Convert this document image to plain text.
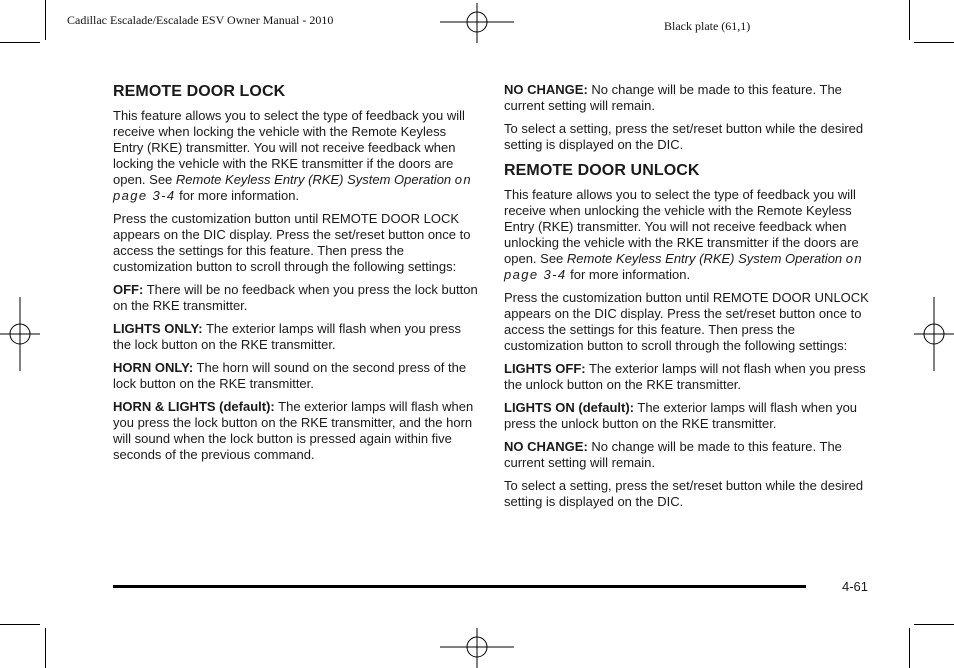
Cadillac Escalade/Escalade ESV Owner Manual - 2010	Black plate (61,1)
REMOTE DOOR LOCK

This feature allows you to select the type of feedback you will receive when locking the vehicle with the Remote Keyless Entry (RKE) transmitter. You will not receive feedback when locking the vehicle with the RKE transmitter if the doors are open. See Remote Keyless Entry (RKE) System Operation on page 3-4 for more information.

Press the customization button until REMOTE DOOR LOCK appears on the DIC display. Press the set/reset button once to access the settings for this feature. Then press the customization button to scroll through the following settings:

OFF: There will be no feedback when you press the lock button on the RKE transmitter.

LIGHTS ONLY: The exterior lamps will flash when you press the lock button on the RKE transmitter.

HORN ONLY: The horn will sound on the second press of the lock button on the RKE transmitter.

HORN & LIGHTS (default): The exterior lamps will flash when you press the lock button on the RKE transmitter, and the horn will sound when the lock button is pressed again within five seconds of the previous command.

NO CHANGE: No change will be made to this feature. The current setting will remain.

To select a setting, press the set/reset button while the desired setting is displayed on the DIC.

REMOTE DOOR UNLOCK

This feature allows you to select the type of feedback you will receive when unlocking the vehicle with the Remote Keyless Entry (RKE) transmitter. You will not receive feedback when unlocking the vehicle with the RKE transmitter if the doors are open. See Remote Keyless Entry (RKE) System Operation on page 3-4 for more information.

Press the customization button until REMOTE DOOR UNLOCK appears on the DIC display. Press the set/reset button once to access the settings for this feature. Then press the customization button to scroll through the following settings:

LIGHTS OFF: The exterior lamps will not flash when you press the unlock button on the RKE transmitter.

LIGHTS ON (default): The exterior lamps will flash when you press the unlock button on the RKE transmitter.

NO CHANGE: No change will be made to this feature. The current setting will remain.

To select a setting, press the set/reset button while the desired setting is displayed on the DIC.

4-61
